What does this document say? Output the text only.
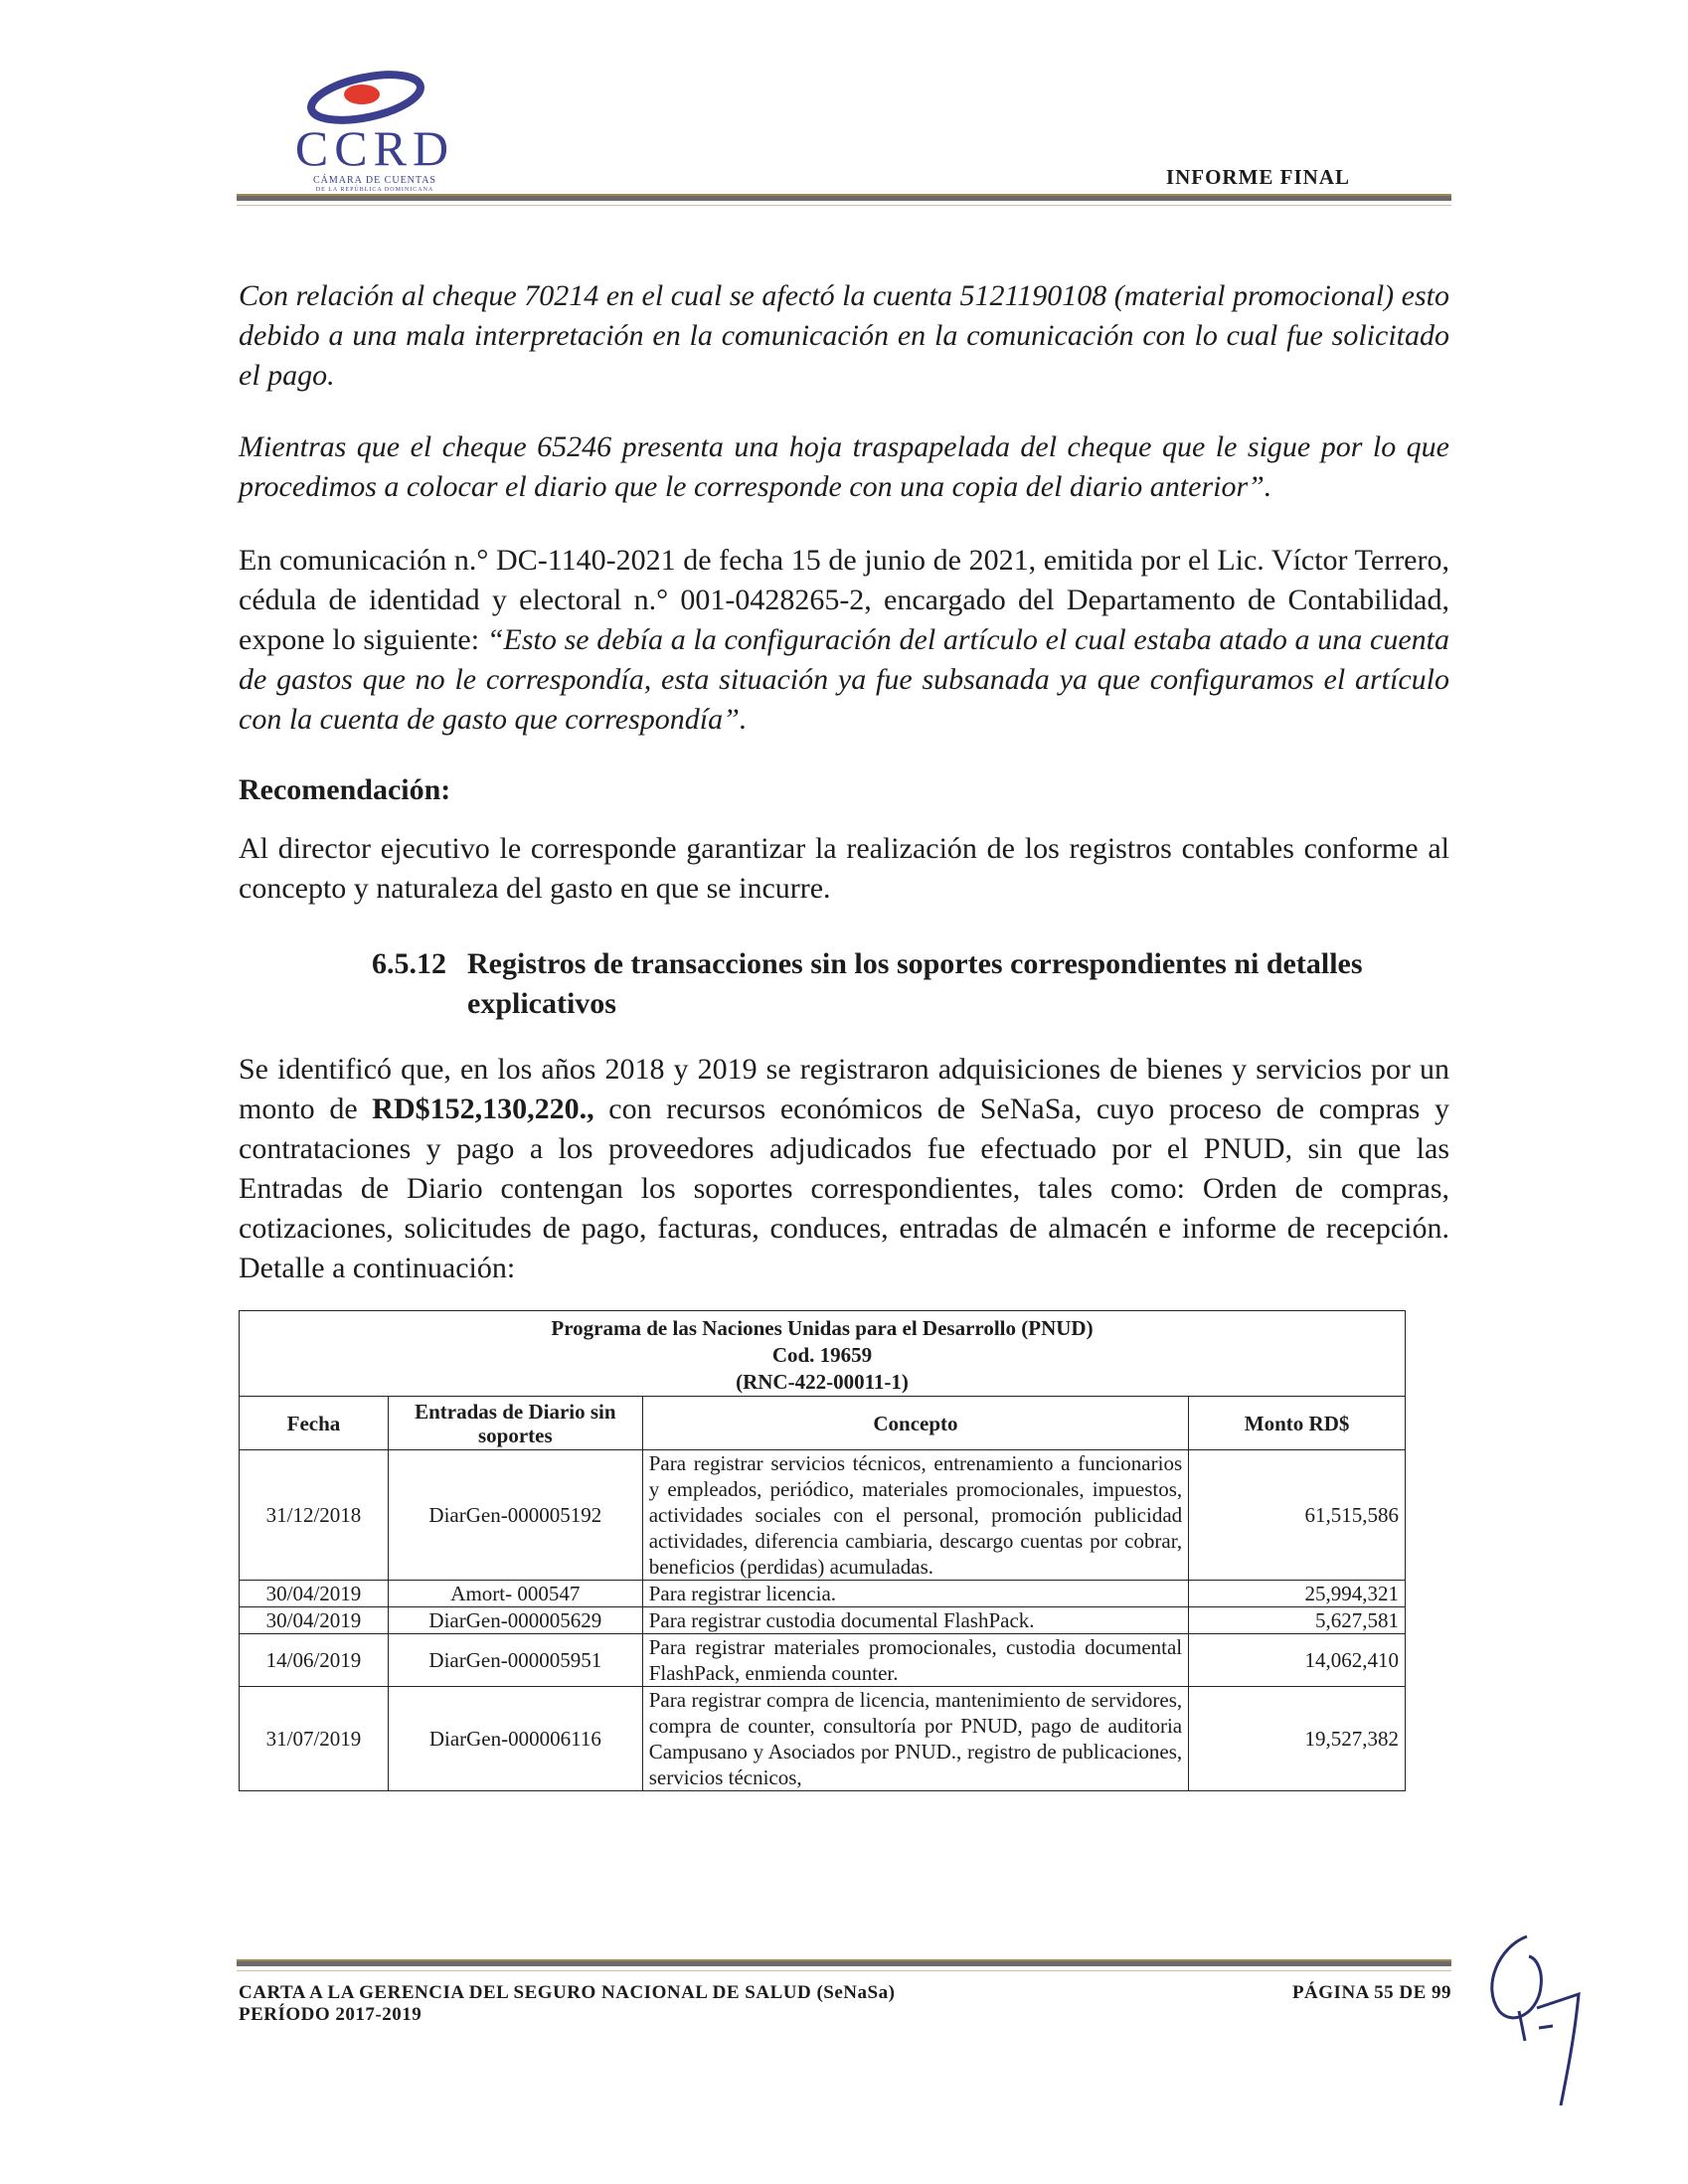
CCRD
CÁMARA DE CUENTAS
DE LA REPÚBLICA DOMINICANA
INFORME FINAL

Con relación al cheque 70214 en el cual se afectó la cuenta 5121190108 (material promocional) esto debido a una mala interpretación en la comunicación en la comunicación con lo cual fue solicitado el pago.

Mientras que el cheque 65246 presenta una hoja traspapelada del cheque que le sigue por lo que procedimos a colocar el diario que le corresponde con una copia del diario anterior”.

En comunicación n.° DC-1140-2021 de fecha 15 de junio de 2021, emitida por el Lic. Víctor Terrero, cédula de identidad y electoral n.° 001-0428265-2, encargado del Departamento de Contabilidad, expone lo siguiente: “Esto se debía a la configuración del artículo el cual estaba atado a una cuenta de gastos que no le correspondía, esta situación ya fue subsanada ya que configuramos el artículo con la cuenta de gasto que correspondía”.

Recomendación:

Al director ejecutivo le corresponde garantizar la realización de los registros contables conforme al concepto y naturaleza del gasto en que se incurre.

6.5.12 Registros de transacciones sin los soportes correspondientes ni detalles
explicativos

Se identificó que, en los años 2018 y 2019 se registraron adquisiciones de bienes y servicios por un monto de RD$152,130,220., con recursos económicos de SeNaSa, cuyo proceso de compras y contrataciones y pago a los proveedores adjudicados fue efectuado por el PNUD, sin que las Entradas de Diario contengan los soportes correspondientes, tales como: Orden de compras, cotizaciones, solicitudes de pago, facturas, conduces, entradas de almacén e informe de recepción. Detalle a continuación:

Programa de las Naciones Unidas para el Desarrollo (PNUD)
Cod. 19659
(RNC-422-00011-1)			

Fecha	Entradas de Diario sin soportes	Concepto	Monto RD$
31/12/2018	DiarGen-000005192	Para registrar servicios técnicos, entrenamiento a funcionarios y empleados, periódico, materiales promocionales, impuestos, actividades sociales con el personal, promoción publicidad actividades, diferencia cambiaria, descargo cuentas por cobrar, beneficios (perdidas) acumuladas.	61,515,586
30/04/2019	Amort- 000547	Para registrar licencia.	25,994,321
30/04/2019	DiarGen-000005629	Para registrar custodia documental FlashPack.	5,627,581
14/06/2019	DiarGen-000005951	Para registrar materiales promocionales, custodia documental FlashPack, enmienda counter.	14,062,410
31/07/2019	DiarGen-000006116	Para registrar compra de licencia, mantenimiento de servidores, compra de counter, consultoría por PNUD, pago de auditoria Campusano y Asociados por PNUD., registro de publicaciones, servicios técnicos,	19,527,382
CARTA A LA GERENCIA DEL SEGURO NACIONAL DE SALUD (SeNaSa)
PERÍODO 2017-2019
PÁGINA 55 DE 99
